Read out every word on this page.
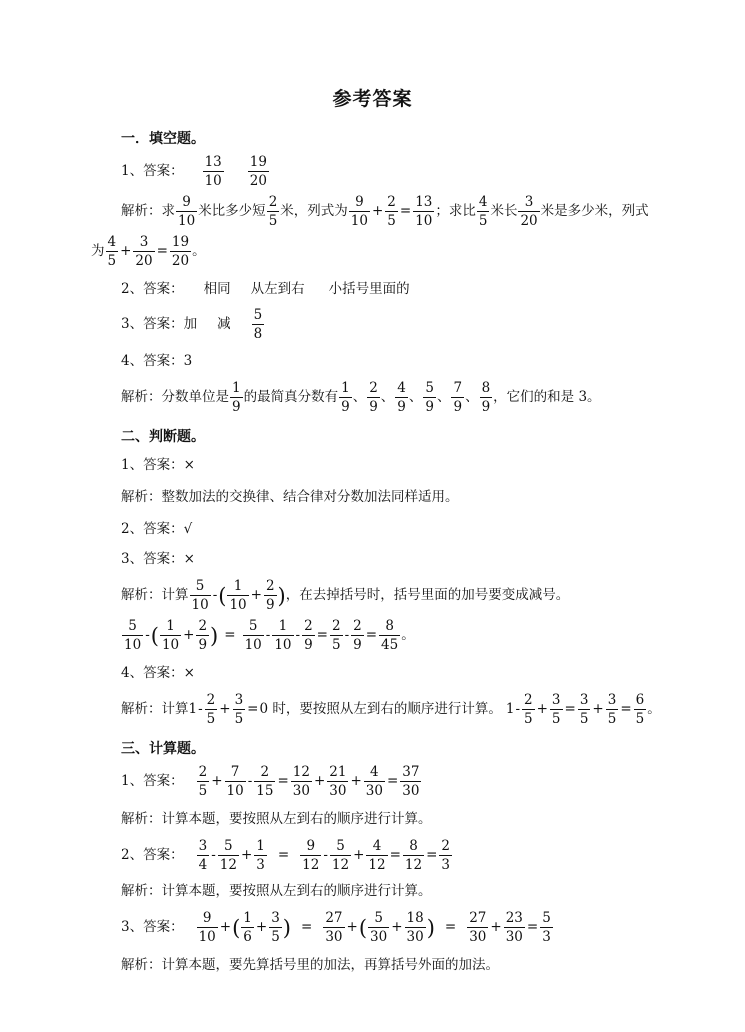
参考答案
一．填空题。
1、答案： $\frac{13}{10} \frac{19}{20}$
解析：求 $\frac{9}{10}$ 米比多少短 $\frac{2}{5}$ 米，列式为 $\frac{9}{10} + \frac{2}{5} = \frac{13}{10}$ ；求比 $\frac{4}{5}$ 米长 $\frac{3}{20}$ 米是多少米，列式
为 $\frac{4}{5} + \frac{3}{20} = \frac{19}{20}$ 。
2、答案： 相同 从左到右 小括号里面的
3、答案：加 减 $\frac{5}{8}$
4、答案：3
解析：分数单位是 $\frac{1}{9}$ 的最简真分数有 $\frac{1}{9}$ 、 $\frac{2}{9}$ 、 $\frac{4}{9}$ 、 $\frac{5}{9}$ 、 $\frac{7}{9}$ 、 $\frac{8}{9}$ ，它们的和是 3。
二、判断题。
1、答案：×
解析：整数加法的交换律、结合律对分数加法同样适用。
2、答案：√
3、答案：×
解析：计算 $\frac{5}{10}$ - ( $\frac{1}{10} + \frac{2}{9}$ ) ，在去掉括号时，括号里面的加号要变成减号。
$\frac{5}{10}$ - ( $\frac{1}{10} + \frac{2}{9}$ ) = $\frac{5}{10} - \frac{1}{10} - \frac{2}{9} = \frac{2}{5} - \frac{2}{9} = \frac{8}{45}$ 。
4、答案：×
解析：计算 $1 - \frac{2}{5} + \frac{3}{5} = 0$ 时，要按照从左到右的顺序进行计算。 $1 - \frac{2}{5} + \frac{3}{5} = \frac{3}{5} + \frac{3}{5} = \frac{6}{5}$ 。
三、计算题。
1、答案： $\frac{2}{5} + \frac{7}{10} - \frac{2}{15} = \frac{12}{30} + \frac{21}{30} + \frac{4}{30} = \frac{37}{30}$
解析：计算本题，要按照从左到右的顺序进行计算。
2、答案： $\frac{3}{4} - \frac{5}{12} + \frac{1}{3} = \frac{9}{12} - \frac{5}{12} + \frac{4}{12} = \frac{8}{12} = \frac{2}{3}$
解析：计算本题，要按照从左到右的顺序进行计算。
3、答案： $\frac{9}{10}$ + ( $\frac{1}{6} + \frac{3}{5}$ ) = $\frac{27}{30}$ + ( $\frac{5}{30} + \frac{18}{30}$ ) = $\frac{27}{30} + \frac{23}{30} = \frac{5}{3}$
解析：计算本题，要先算括号里的加法，再算括号外面的加法。
